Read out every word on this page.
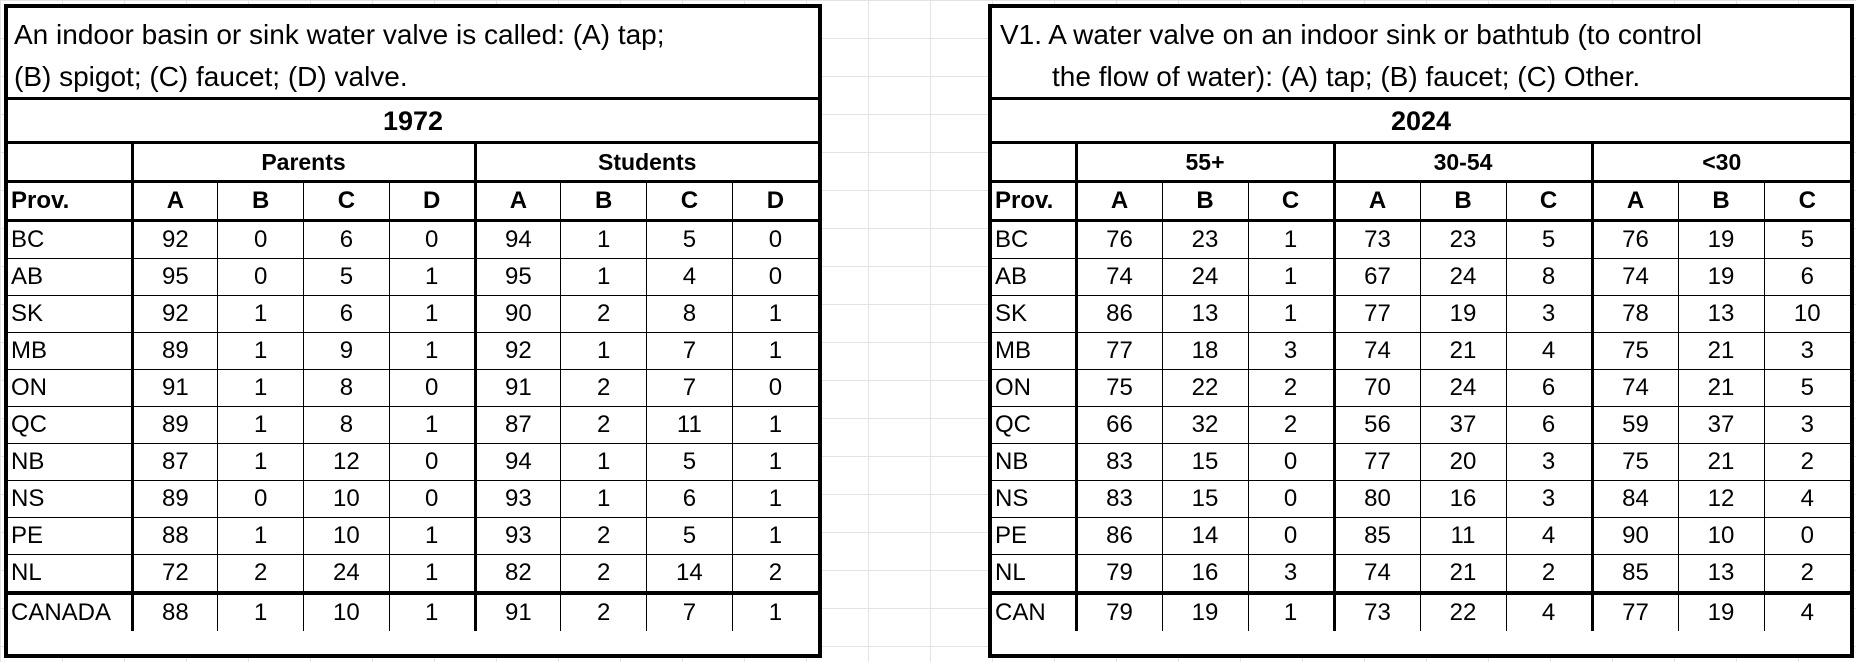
An indoor basin or sink water valve is called: (A) tap;
(B) spigot; (C) faucet; (D) valve.
1972
	Parents				Students			
Prov.	A	B	C	D	A	B	C	D
BC	92	0	6	0	94	1	5	0
AB	95	0	5	1	95	1	4	0
SK	92	1	6	1	90	2	8	1
MB	89	1	9	1	92	1	7	1
ON	91	1	8	0	91	2	7	0
QC	89	1	8	1	87	2	11	1
NB	87	1	12	0	94	1	5	1
NS	89	0	10	0	93	1	6	1
PE	88	1	10	1	93	2	5	1
NL	72	2	24	1	82	2	14	2
CANADA	88	1	10	1	91	2	7	1
V1. A water valve on an indoor sink or bathtub (to control

the flow of water): (A) tap; (B) faucet; (C) Other.
2024
	55+			30-54			<30		
Prov.	A	B	C	A	B	C	A	B	C
BC	76	23	1	73	23	5	76	19	5
AB	74	24	1	67	24	8	74	19	6
SK	86	13	1	77	19	3	78	13	10
MB	77	18	3	74	21	4	75	21	3
ON	75	22	2	70	24	6	74	21	5
QC	66	32	2	56	37	6	59	37	3
NB	83	15	0	77	20	3	75	21	2
NS	83	15	0	80	16	3	84	12	4
PE	86	14	0	85	11	4	90	10	0
NL	79	16	3	74	21	2	85	13	2
CAN	79	19	1	73	22	4	77	19	4
